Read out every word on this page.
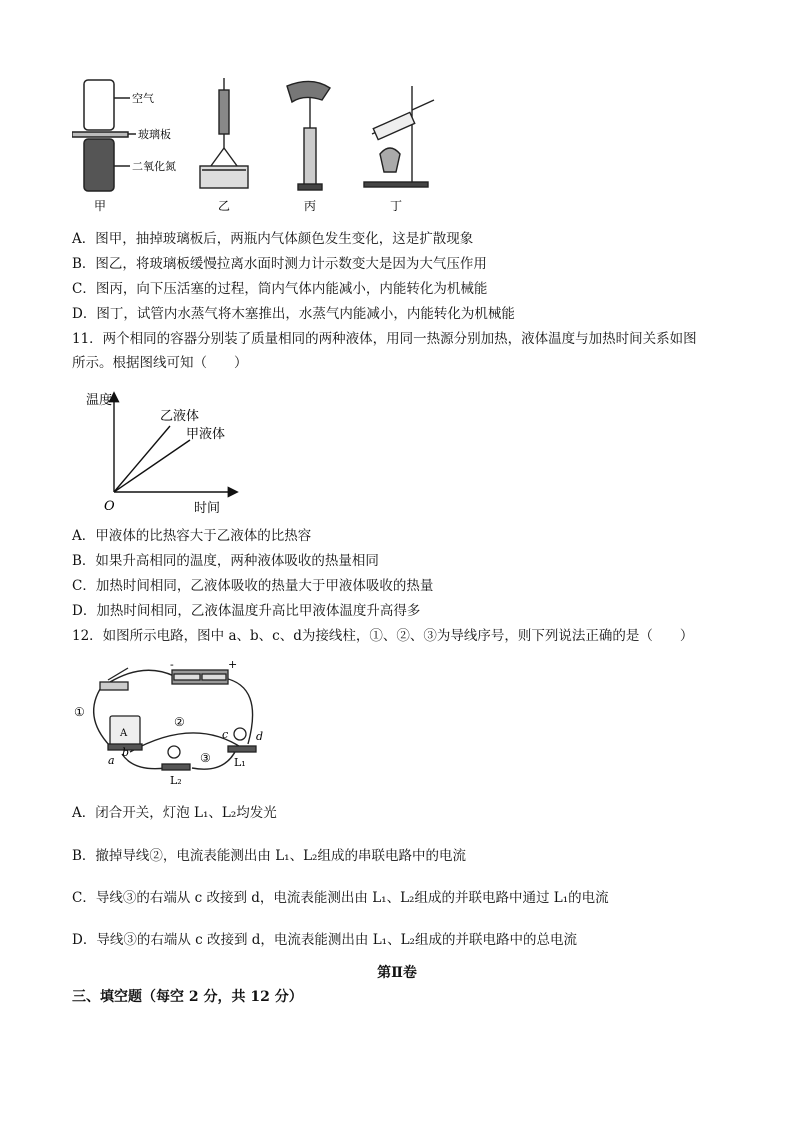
空气
玻璃板
二氧化氮
甲	乙	丙	丁
A．图甲，抽掉玻璃板后，两瓶内气体颜色发生变化，这是扩散现象
B．图乙，将玻璃板缓慢拉离水面时测力计示数变大是因为大气压作用
C．图丙，向下压活塞的过程，筒内气体内能减小，内能转化为机械能
D．图丁，试管内水蒸气将木塞推出，水蒸气内能减小，内能转化为机械能
11．两个相同的容器分别装了质量相同的两种液体，用同一热源分别加热，液体温度与加热时间关系如图
所示。根据图线可知（　　）
温度
时间
O
乙液体
甲液体
A．甲液体的比热容大于乙液体的比热容
B．如果升高相同的温度，两种液体吸收的热量相同
C．加热时间相同，乙液体吸收的热量大于甲液体吸收的热量
D．加热时间相同，乙液体温度升高比甲液体温度升高得多
12．如图所示电路，图中 a、b、c、d为接线柱，①、②、③为导线序号，则下列说法正确的是（　　）
-	+
A
①
②
③
a
b
c	d
L₂
L₁
A．闭合开关，灯泡 L₁、L₂均发光
B．撤掉导线②，电流表能测出由 L₁、L₂组成的串联电路中的电流
C．导线③的右端从 c 改接到 d，电流表能测出由 L₁、L₂组成的并联电路中通过 L₁的电流
D．导线③的右端从 c 改接到 d，电流表能测出由 L₁、L₂组成的并联电路中的总电流
第Ⅱ卷
三、填空题（每空 2 分，共 12 分）
